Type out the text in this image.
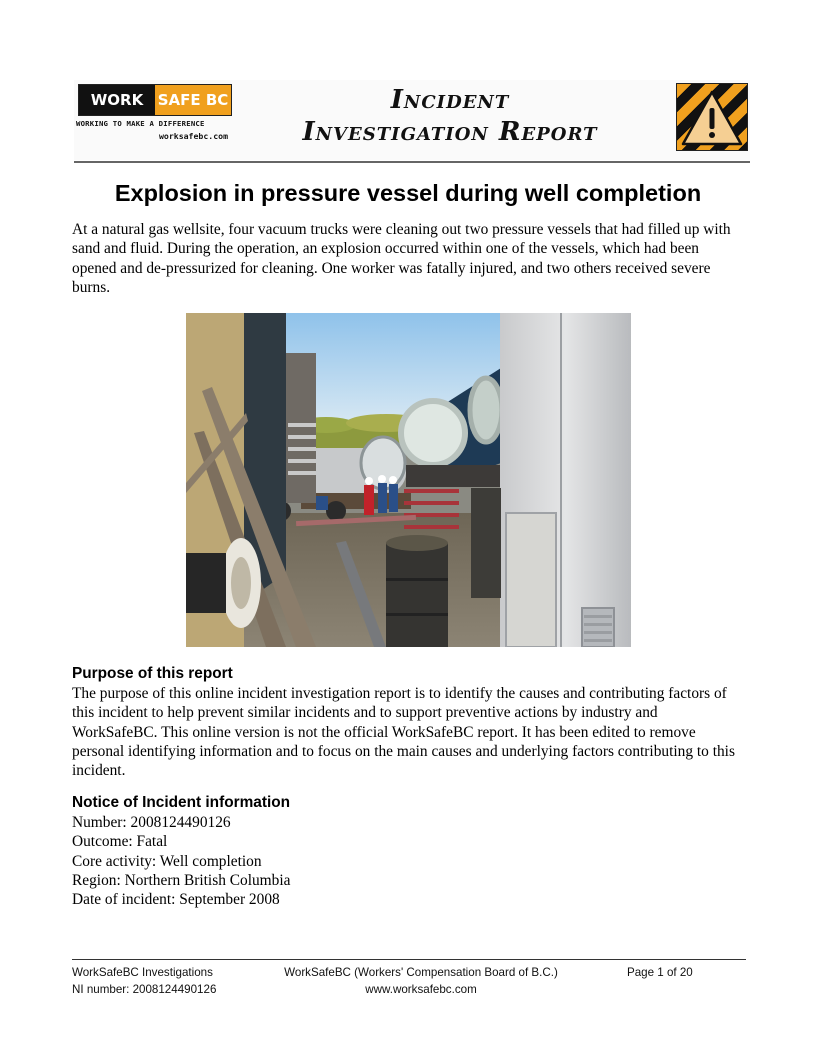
WORK SAFE BC
WORKING TO MAKE A DIFFERENCE
worksafebc.com
Incident
Investigation Report
Explosion in pressure vessel during well completion

At a natural gas wellsite, four vacuum trucks were cleaning out two pressure vessels that had filled up with sand and fluid. During the operation, an explosion occurred within one of the vessels, which had been opened and de-pressurized for cleaning. One worker was fatally injured, and two others received severe burns.

Purpose of this report

The purpose of this online incident investigation report is to identify the causes and contributing factors of this incident to help prevent similar incidents and to support preventive actions by industry and WorkSafeBC. This online version is not the official WorkSafeBC report. It has been edited to remove personal identifying information and to focus on the main causes and underlying factors contributing to this incident.

Notice of Incident information
Number: 2008124490126
Outcome: Fatal
Core activity: Well completion
Region: Northern British Columbia
Date of incident: September 2008
WorkSafeBC Investigations
NI number: 2008124490126
WorkSafeBC (Workers' Compensation Board of B.C.)
www.worksafebc.com
Page 1 of 20
